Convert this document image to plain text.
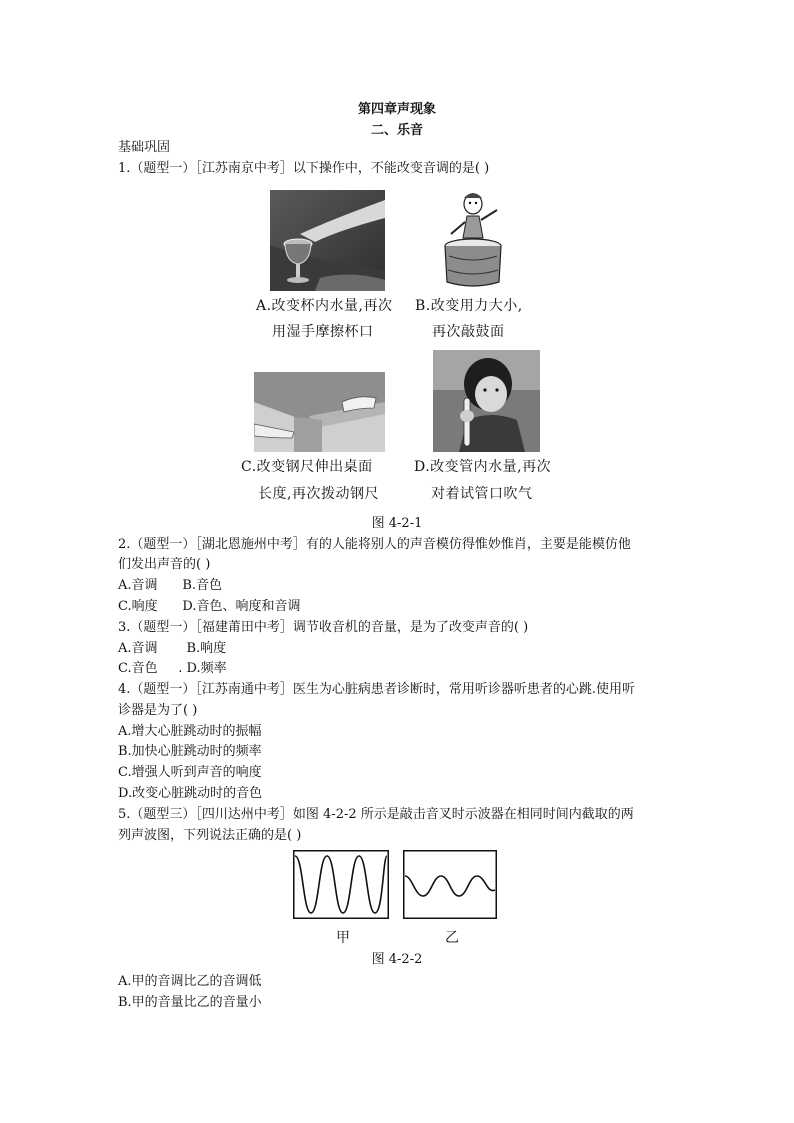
第四章声现象
二、乐音
基础巩固
1.（题型一）［江苏南京中考］以下操作中，不能改变音调的是( )
A.改变杯内水量,再次
用湿手摩擦杯口
B.改变用力大小,
再次敲鼓面
C.改变钢尺伸出桌面
长度,再次拨动钢尺
D.改变管内水量,再次
对着试管口吹气
图 4-2-1
2.（题型一）［湖北恩施州中考］有的人能将别人的声音模仿得惟妙惟肖，主要是能模仿他
们发出声音的( )
A.音调      B.音色
C.响度      D.音色、响度和音调
3.（题型一）［福建莆田中考］调节收音机的音量，是为了改变声音的( )
A.音调       B.响度
C.音色     . D.频率
4.（题型一）［江苏南通中考］医生为心脏病患者诊断时，常用听诊器听患者的心跳.使用听
诊器是为了( )
A.增大心脏跳动时的振幅
B.加快心脏跳动时的频率
C.增强人听到声音的响度
D.改变心脏跳动时的音色
5.（题型三）［四川达州中考］如图 4-2-2 所示是敲击音叉时示波器在相同时间内截取的两
列声波图，下列说法正确的是( )
甲	乙
图 4-2-2
A.甲的音调比乙的音调低
B.甲的音量比乙的音量小
